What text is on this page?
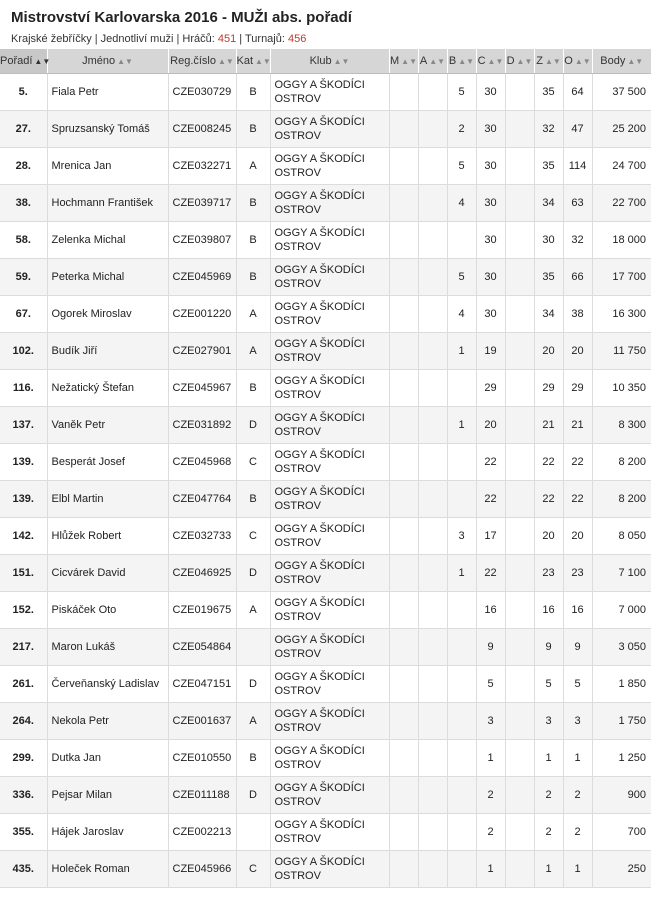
Mistrovství Karlovarska 2016 - MUŽI abs. pořadí
Krajské žebříčky | Jednotliví muži | Hráčů: 451 | Turnajů: 456
Pořadí ▲▼	Jméno ▲▼	Reg.číslo ▲▼	Kat ▲▼	Klub ▲▼	M ▲▼	A ▲▼	B ▲▼	C ▲▼	D ▲▼	Z ▲▼	O ▲▼	Body ▲▼
5.	Fiala Petr	CZE030729	B	OGGY A ŠKODÍCI
OSTROV			5	30		35	64	37 500
27.	Spruzsanský Tomáš	CZE008245	B	OGGY A ŠKODÍCI
OSTROV			2	30		32	47	25 200
28.	Mrenica Jan	CZE032271	A	OGGY A ŠKODÍCI
OSTROV			5	30		35	114	24 700
38.	Hochmann František	CZE039717	B	OGGY A ŠKODÍCI
OSTROV			4	30		34	63	22 700
58.	Zelenka Michal	CZE039807	B	OGGY A ŠKODÍCI
OSTROV				30		30	32	18 000
59.	Peterka Michal	CZE045969	B	OGGY A ŠKODÍCI
OSTROV			5	30		35	66	17 700
67.	Ogorek Miroslav	CZE001220	A	OGGY A ŠKODÍCI
OSTROV			4	30		34	38	16 300
102.	Budík Jiří	CZE027901	A	OGGY A ŠKODÍCI
OSTROV			1	19		20	20	11 750
116.	Nežatický Štefan	CZE045967	B	OGGY A ŠKODÍCI
OSTROV				29		29	29	10 350
137.	Vaněk Petr	CZE031892	D	OGGY A ŠKODÍCI
OSTROV			1	20		21	21	8 300
139.	Besperát Josef	CZE045968	C	OGGY A ŠKODÍCI
OSTROV				22		22	22	8 200
139.	Elbl Martin	CZE047764	B	OGGY A ŠKODÍCI
OSTROV				22		22	22	8 200
142.	Hlůžek Robert	CZE032733	C	OGGY A ŠKODÍCI
OSTROV			3	17		20	20	8 050
151.	Cicvárek David	CZE046925	D	OGGY A ŠKODÍCI
OSTROV			1	22		23	23	7 100
152.	Piskáček Oto	CZE019675	A	OGGY A ŠKODÍCI
OSTROV				16		16	16	7 000
217.	Maron Lukáš	CZE054864		OGGY A ŠKODÍCI
OSTROV				9		9	9	3 050
261.	Červeňanský Ladislav	CZE047151	D	OGGY A ŠKODÍCI
OSTROV				5		5	5	1 850
264.	Nekola Petr	CZE001637	A	OGGY A ŠKODÍCI
OSTROV				3		3	3	1 750
299.	Dutka Jan	CZE010550	B	OGGY A ŠKODÍCI
OSTROV				1		1	1	1 250
336.	Pejsar Milan	CZE011188	D	OGGY A ŠKODÍCI
OSTROV				2		2	2	900
355.	Hájek Jaroslav	CZE002213		OGGY A ŠKODÍCI
OSTROV				2		2	2	700
435.	Holeček Roman	CZE045966	C	OGGY A ŠKODÍCI
OSTROV				1		1	1	250
